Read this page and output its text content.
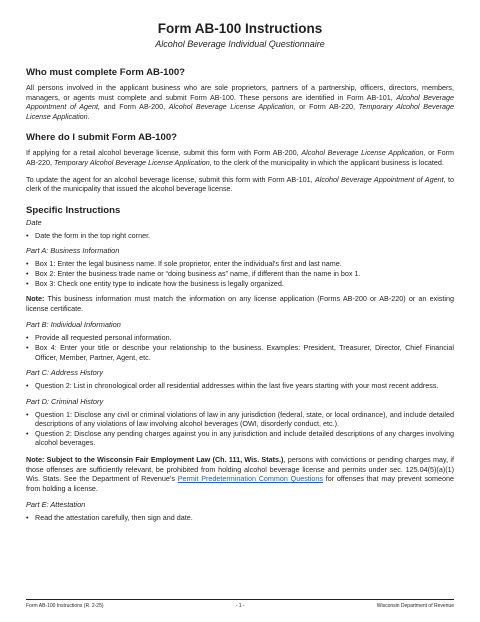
Form AB-100 Instructions
Alcohol Beverage Individual Questionnaire
Who must complete Form AB-100?

All persons involved in the applicant business who are sole proprietors, partners of a partnership, officers, directors, members, managers, or agents must complete and submit Form AB-100. These persons are identified in Form AB-101, Alcohol Beverage Appointment of Agent, and Form AB-200, Alcohol Beverage License Application, or Form AB-220, Temporary Alcohol Beverage License Application.

Where do I submit Form AB-100?

If applying for a retail alcohol beverage license, submit this form with Form AB-200, Alcohol Beverage License Application, or Form AB-220, Temporary Alcohol Beverage License Application, to the clerk of the municipality in which the applicant business is located.

To update the agent for an alcohol beverage license, submit this form with Form AB-101, Alcohol Beverage Appointment of Agent, to clerk of the municipality that issued the alcohol beverage license.

Specific Instructions
Date
• Date the form in the top right corner.
Part A: Business Information
• Box 1: Enter the legal business name. If sole proprietor, enter the individual’s first and last name.
• Box 2: Enter the business trade name or “doing business as” name, if different than the name in box 1.
• Box 3: Check one entity type to indicate how the business is legally organized.

Note: This business information must match the information on any license application (Forms AB-200 or AB-220) or an existing license certificate.

Part B: Individual Information
• Provide all requested personal information.
• Box 4: Enter your title or describe your relationship to the business. Examples: President, Treasurer, Director, Chief Financial Officer, Member, Partner, Agent, etc.
Part C: Address History
• Question 2: List in chronological order all residential addresses within the last five years starting with your most recent address.
Part D: Criminal History
• Question 1: Disclose any civil or criminal violations of law in any jurisdiction (federal, state, or local ordinance), and include detailed descriptions of any violations of law involving alcohol beverages (OWI, disorderly conduct, etc.).
• Question 2: Disclose any pending charges against you in any jurisdiction and include detailed descriptions of any charges involving alcohol beverages.

Note: Subject to the Wisconsin Fair Employment Law (Ch. 111, Wis. Stats.), persons with convictions or pending charges may, if those offenses are sufficiently relevant, be prohibited from holding alcohol beverage license and permits under sec. 125.04(5)(a)(1) Wis. Stats. See the Department of Revenue’s Permit Predetermination Common Questions for offenses that may prevent someone from holding a license.

Part E: Attestation
• Read the attestation carefully, then sign and date.
Form AB-100 Instructions (R. 2-25)	- 1 -	Wisconsin Department of Revenue
